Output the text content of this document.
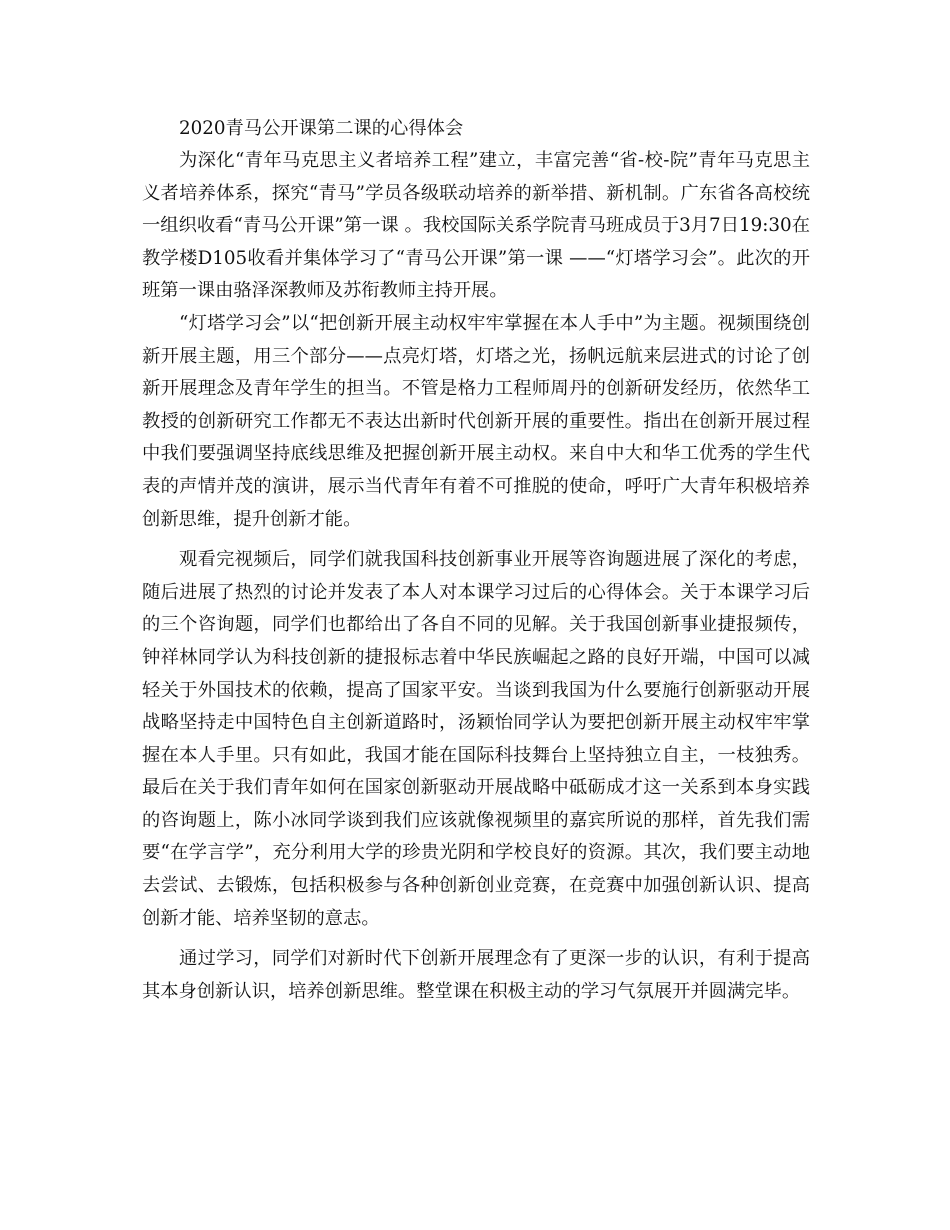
2020青马公开课第二课的心得体会

为深化“青年马克思主义者培养工程”建立，丰富完善“省-校-院”青年马克思主义者培养体系，探究“青马”学员各级联动培养的新举措、新机制。广东省各高校统一组织收看“青马公开课”第一课 。我校国际关系学院青马班成员于3月7日19:30在教学楼D105收看并集体学习了“青马公开课”第一课 ——“灯塔学习会”。此次的开班第一课由骆泽深教师及苏衔教师主持开展。

“灯塔学习会”以“把创新开展主动权牢牢掌握在本人手中”为主题。视频围绕创新开展主题，用三个部分——点亮灯塔，灯塔之光，扬帆远航来层进式的讨论了创新开展理念及青年学生的担当。不管是格力工程师周丹的创新研发经历，依然华工教授的创新研究工作都无不表达出新时代创新开展的重要性。指出在创新开展过程中我们要强调坚持底线思维及把握创新开展主动权。来自中大和华工优秀的学生代表的声情并茂的演讲，展示当代青年有着不可推脱的使命，呼吁广大青年积极培养创新思维，提升创新才能。

观看完视频后，同学们就我国科技创新事业开展等咨询题进展了深化的考虑，随后进展了热烈的讨论并发表了本人对本课学习过后的心得体会。关于本课学习后的三个咨询题，同学们也都给出了各自不同的见解。关于我国创新事业捷报频传，钟祥林同学认为科技创新的捷报标志着中华民族崛起之路的良好开端，中国可以减轻关于外国技术的依赖，提高了国家平安。当谈到我国为什么要施行创新驱动开展战略坚持走中国特色自主创新道路时，汤颖怡同学认为要把创新开展主动权牢牢掌握在本人手里。只有如此，我国才能在国际科技舞台上坚持独立自主，一枝独秀。最后在关于我们青年如何在国家创新驱动开展战略中砥砺成才这一关系到本身实践的咨询题上，陈小冰同学谈到我们应该就像视频里的嘉宾所说的那样，首先我们需要“在学言学”，充分利用大学的珍贵光阴和学校良好的资源。其次，我们要主动地去尝试、去锻炼，包括积极参与各种创新创业竞赛，在竞赛中加强创新认识、提高创新才能、培养坚韧的意志。

通过学习，同学们对新时代下创新开展理念有了更深一步的认识，有利于提高其本身创新认识，培养创新思维。整堂课在积极主动的学习气氛展开并圆满完毕。
